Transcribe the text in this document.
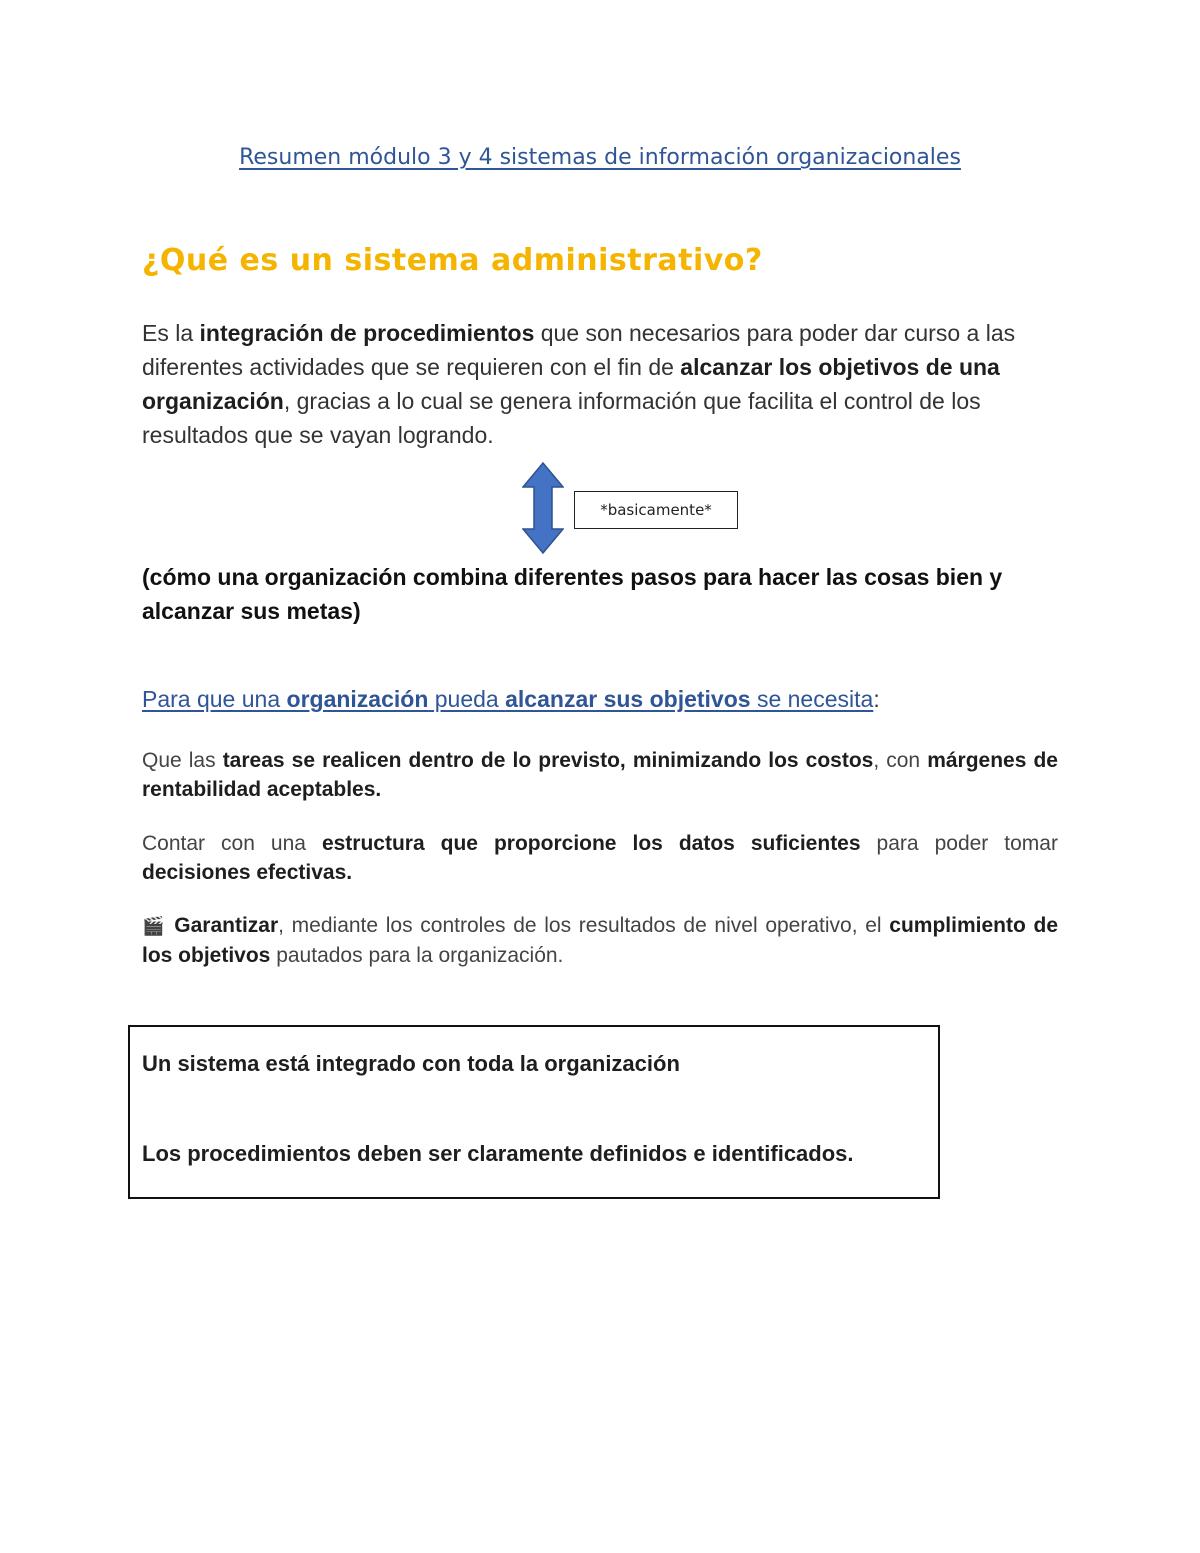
Resumen módulo 3 y 4 sistemas de información organizacionales
¿Qué es un sistema administrativo?
Es la integración de procedimientos que son necesarios para poder dar curso a las diferentes actividades que se requieren con el fin de alcanzar los objetivos de una organización, gracias a lo cual se genera información que facilita el control de los resultados que se vayan logrando.
*basicamente*
(cómo una organización combina diferentes pasos para hacer las cosas bien y alcanzar sus metas)
Para que una organización pueda alcanzar sus objetivos se necesita:
Que las tareas se realicen dentro de lo previsto, minimizando los costos, con márgenes de rentabilidad aceptables.
Contar con una estructura que proporcione los datos suficientes para poder tomar decisiones efectivas.
🎬 Garantizar, mediante los controles de los resultados de nivel operativo, el cumplimiento de los objetivos pautados para la organización.
Un sistema está integrado con toda la organización
Los procedimientos deben ser claramente definidos e identificados.
